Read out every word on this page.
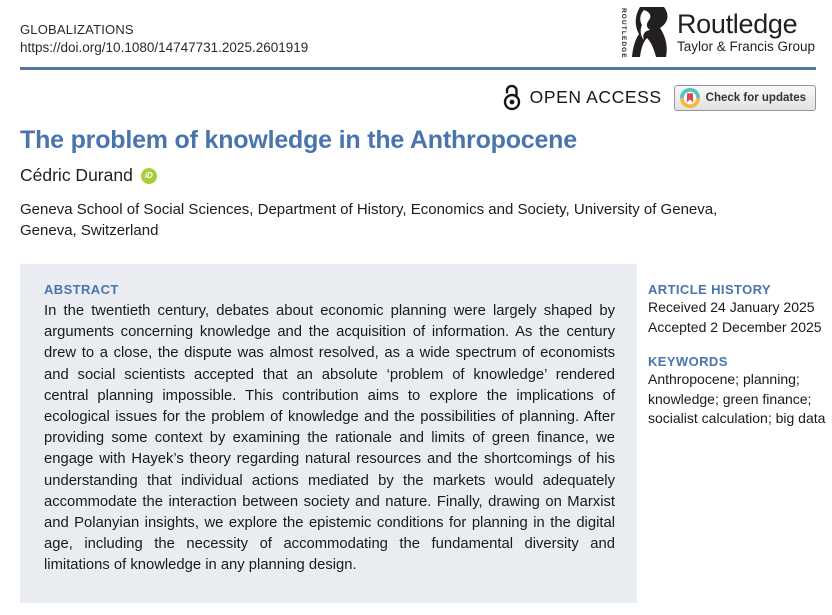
GLOBALIZATIONS
https://doi.org/10.1080/14747731.2025.2601919	ROUTLEDGE Routledge
Taylor & Francis Group
OPEN ACCESS	Check for updates
The problem of knowledge in the Anthropocene
Cédric Durand	iD
Geneva School of Social Sciences, Department of History, Economics and Society, University of Geneva, Geneva, Switzerland
ABSTRACT
In the twentieth century, debates about economic planning were largely shaped by arguments concerning knowledge and the acquisition of information. As the century drew to a close, the dispute was almost resolved, as a wide spectrum of economists and social scientists accepted that an absolute ‘problem of knowledge’ rendered central planning impossible. This contribution aims to explore the implications of ecological issues for the problem of knowledge and the possibilities of planning. After providing some context by examining the rationale and limits of green finance, we engage with Hayek’s theory regarding natural resources and the shortcomings of his understanding that individual actions mediated by the markets would adequately accommodate the interaction between society and nature. Finally, drawing on Marxist and Polanyian insights, we explore the epistemic conditions for planning in the digital age, including the necessity of accommodating the fundamental diversity and limitations of knowledge in any planning design.
ARTICLE HISTORY
Received 24 January 2025
Accepted 2 December 2025
KEYWORDS
Anthropocene; planning; knowledge; green finance; socialist calculation; big data
